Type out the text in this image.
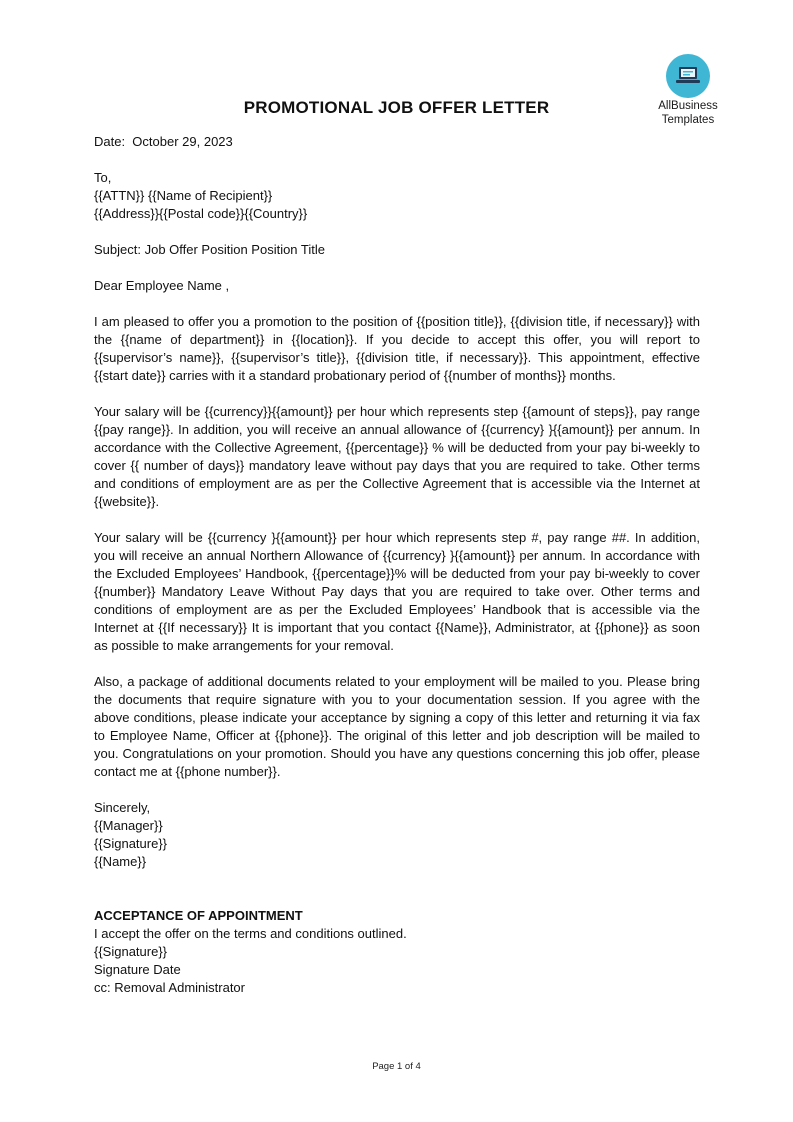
AllBusiness
Templates
PROMOTIONAL JOB OFFER LETTER

Date:  October 29, 2023

To,

{{ATTN}} {{Name of Recipient}}

{{Address}}{{Postal code}}{{Country}}

Subject: Job Offer Position Position Title

Dear Employee Name ,

I am pleased to offer you a promotion to the position of {{position title}}, {{division title, if necessary}} with the {{name of department}} in {{location}}. If you decide to accept this offer, you will report to {{supervisor’s name}}, {{supervisor’s title}}, {{division title, if necessary}}. This appointment, effective {{start date}} carries with it a standard probationary period of {{number of months}} months.

Your salary will be {{currency}}{{amount}} per hour which represents step {{amount of steps}}, pay range {{pay range}}. In addition, you will receive an annual allowance of {{currency} }{{amount}} per annum. In accordance with the Collective Agreement, {{percentage}} % will be deducted from your pay bi-weekly to cover {{ number of days}} mandatory leave without pay days that you are required to take. Other terms and conditions of employment are as per the Collective Agreement that is accessible via the Internet at {{website}}.

Your salary will be {{currency }{{amount}} per hour which represents step #, pay range ##. In addition, you will receive an annual Northern Allowance of {{currency} }{{amount}} per annum. In accordance with the Excluded Employees’ Handbook, {{percentage}}% will be deducted from your pay bi-weekly to cover {{number}} Mandatory Leave Without Pay days that you are required to take over. Other terms and conditions of employment are as per the Excluded Employees’ Handbook that is accessible via the Internet at {{If necessary}} It is important that you contact {{Name}}, Administrator, at {{phone}} as soon as possible to make arrangements for your removal.

Also, a package of additional documents related to your employment will be mailed to you. Please bring the documents that require signature with you to your documentation session. If you agree with the above conditions, please indicate your acceptance by signing a copy of this letter and returning it via fax to Employee Name, Officer at {{phone}}. The original of this letter and job description will be mailed to you. Congratulations on your promotion. Should you have any questions concerning this job offer, please contact me at {{phone number}}.

Sincerely,

{{Manager}}

{{Signature}}

{{Name}}

ACCEPTANCE OF APPOINTMENT

I accept the offer on the terms and conditions outlined.

{{Signature}}

Signature Date

cc: Removal Administrator

Page 1 of 4
